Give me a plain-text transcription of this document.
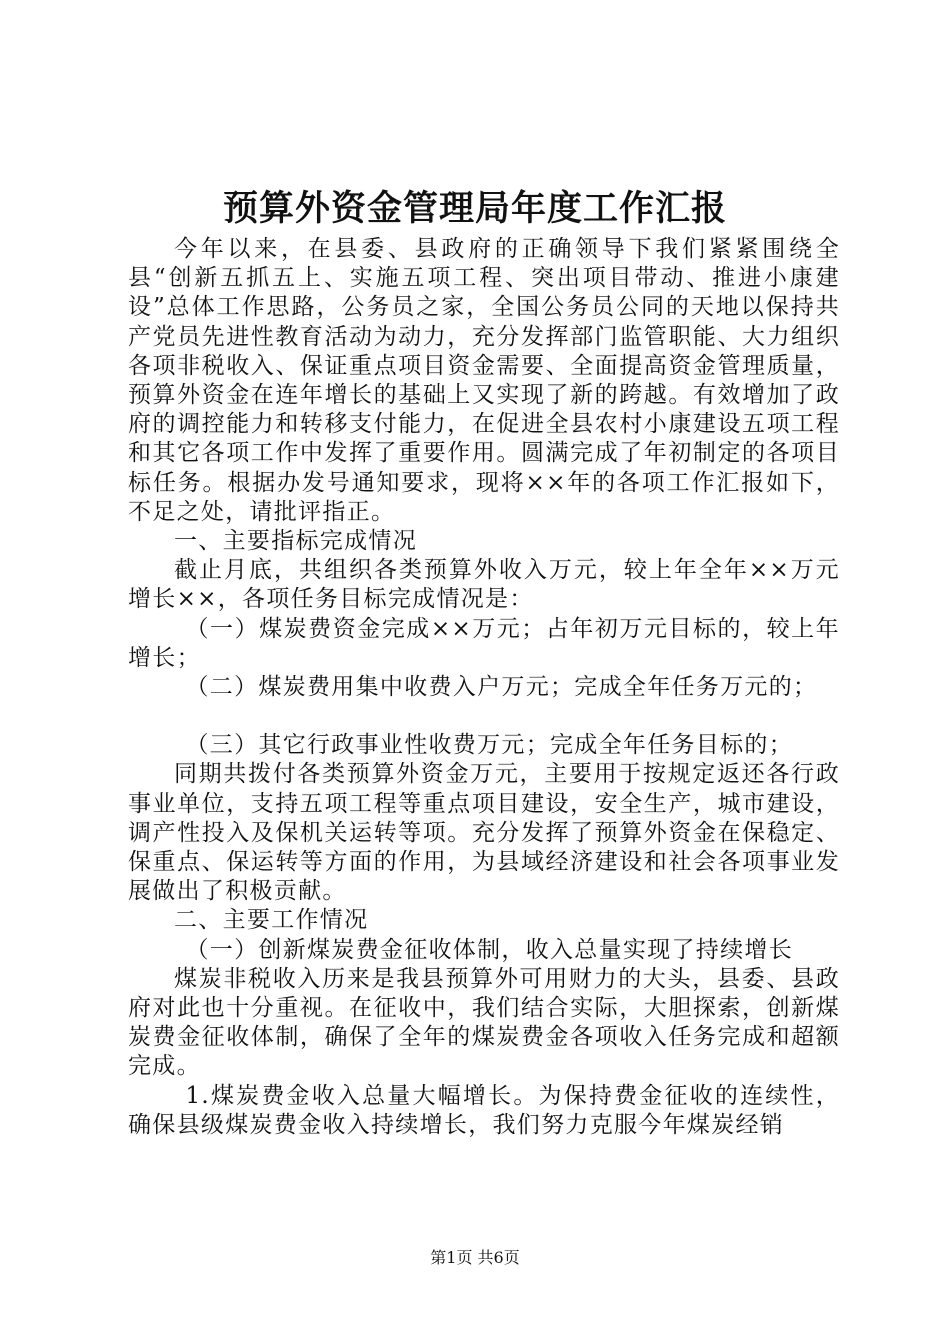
预算外资金管理局年度工作汇报

今年以来，在县委、县政府的正确领导下我们紧紧围绕全县“创新五抓五上、实施五项工程、突出项目带动、推进小康建设”总体工作思路，公务员之家，全国公务员公同的天地以保持共产党员先进性教育活动为动力，充分发挥部门监管职能、大力组织各项非税收入、保证重点项目资金需要、全面提高资金管理质量，预算外资金在连年增长的基础上又实现了新的跨越。有效增加了政府的调控能力和转移支付能力，在促进全县农村小康建设五项工程和其它各项工作中发挥了重要作用。圆满完成了年初制定的各项目标任务。根据办发号通知要求，现将××年的各项工作汇报如下，不足之处，请批评指正。

一、主要指标完成情况

截止月底，共组织各类预算外收入万元，较上年全年××万元增长××，各项任务目标完成情况是：

（一）煤炭费资金完成××万元；占年初万元目标的，较上年增长；

（二）煤炭费用集中收费入户万元；完成全年任务万元的；

（三）其它行政事业性收费万元；完成全年任务目标的；

同期共拨付各类预算外资金万元，主要用于按规定返还各行政事业单位，支持五项工程等重点项目建设，安全生产，城市建设，调产性投入及保机关运转等项。充分发挥了预算外资金在保稳定、保重点、保运转等方面的作用，为县域经济建设和社会各项事业发展做出了积极贡献。

二、主要工作情况

（一）创新煤炭费金征收体制，收入总量实现了持续增长

煤炭非税收入历来是我县预算外可用财力的大头，县委、县政府对此也十分重视。在征收中，我们结合实际，大胆探索，创新煤炭费金征收体制，确保了全年的煤炭费金各项收入任务完成和超额完成。

1.煤炭费金收入总量大幅增长。为保持费金征收的连续性，确保县级煤炭费金收入持续增长，我们努力克服今年煤炭经销

第1页 共6页
